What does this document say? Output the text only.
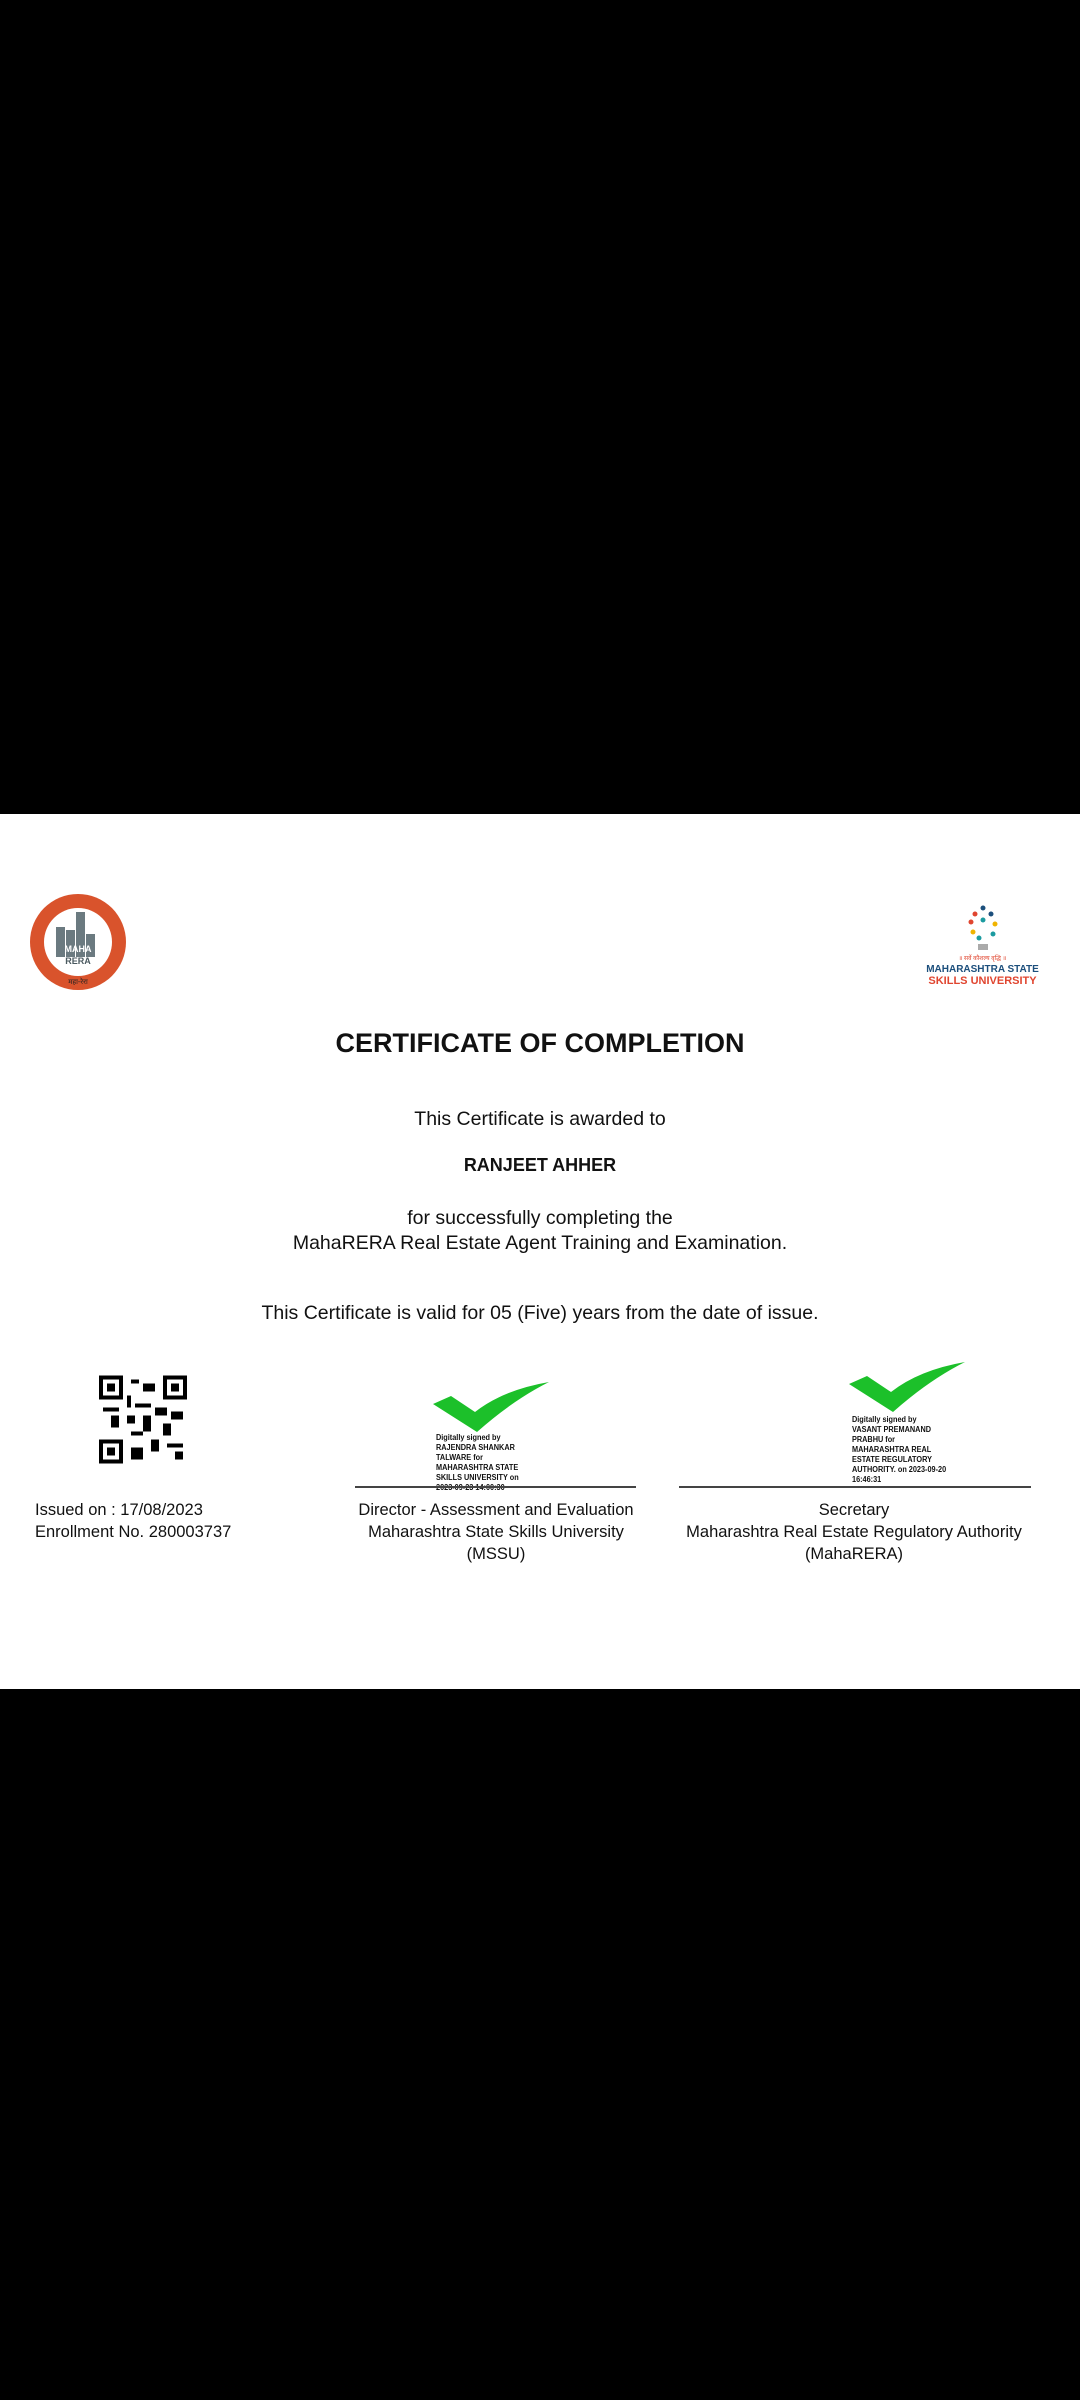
MAHA
RERA
महा-रेरा
॥ सर्वे कौशल्य वृद्धि ॥
MAHARASHTRA STATE
SKILLS UNIVERSITY
CERTIFICATE OF COMPLETION
This Certificate is awarded to
RANJEET AHHER
for successfully completing the
MahaRERA Real Estate Agent Training and Examination.
This Certificate is valid for 05 (Five) years from the date of issue.
Issued on : 17/08/2023
Enrollment No. 280003737
Digitally signed by
RAJENDRA SHANKAR
TALWARE for
MAHARASHTRA STATE
SKILLS UNIVERSITY on
Director - Assessment and Evaluation
Maharashtra State Skills University
(MSSU)
Digitally signed by
VASANT PREMANAND
PRABHU for
MAHARASHTRA REAL
ESTATE REGULATORY
AUTHORITY. on 2023-09-20
16:46:31
Secretary
Maharashtra Real Estate Regulatory Authority
(MahaRERA)
